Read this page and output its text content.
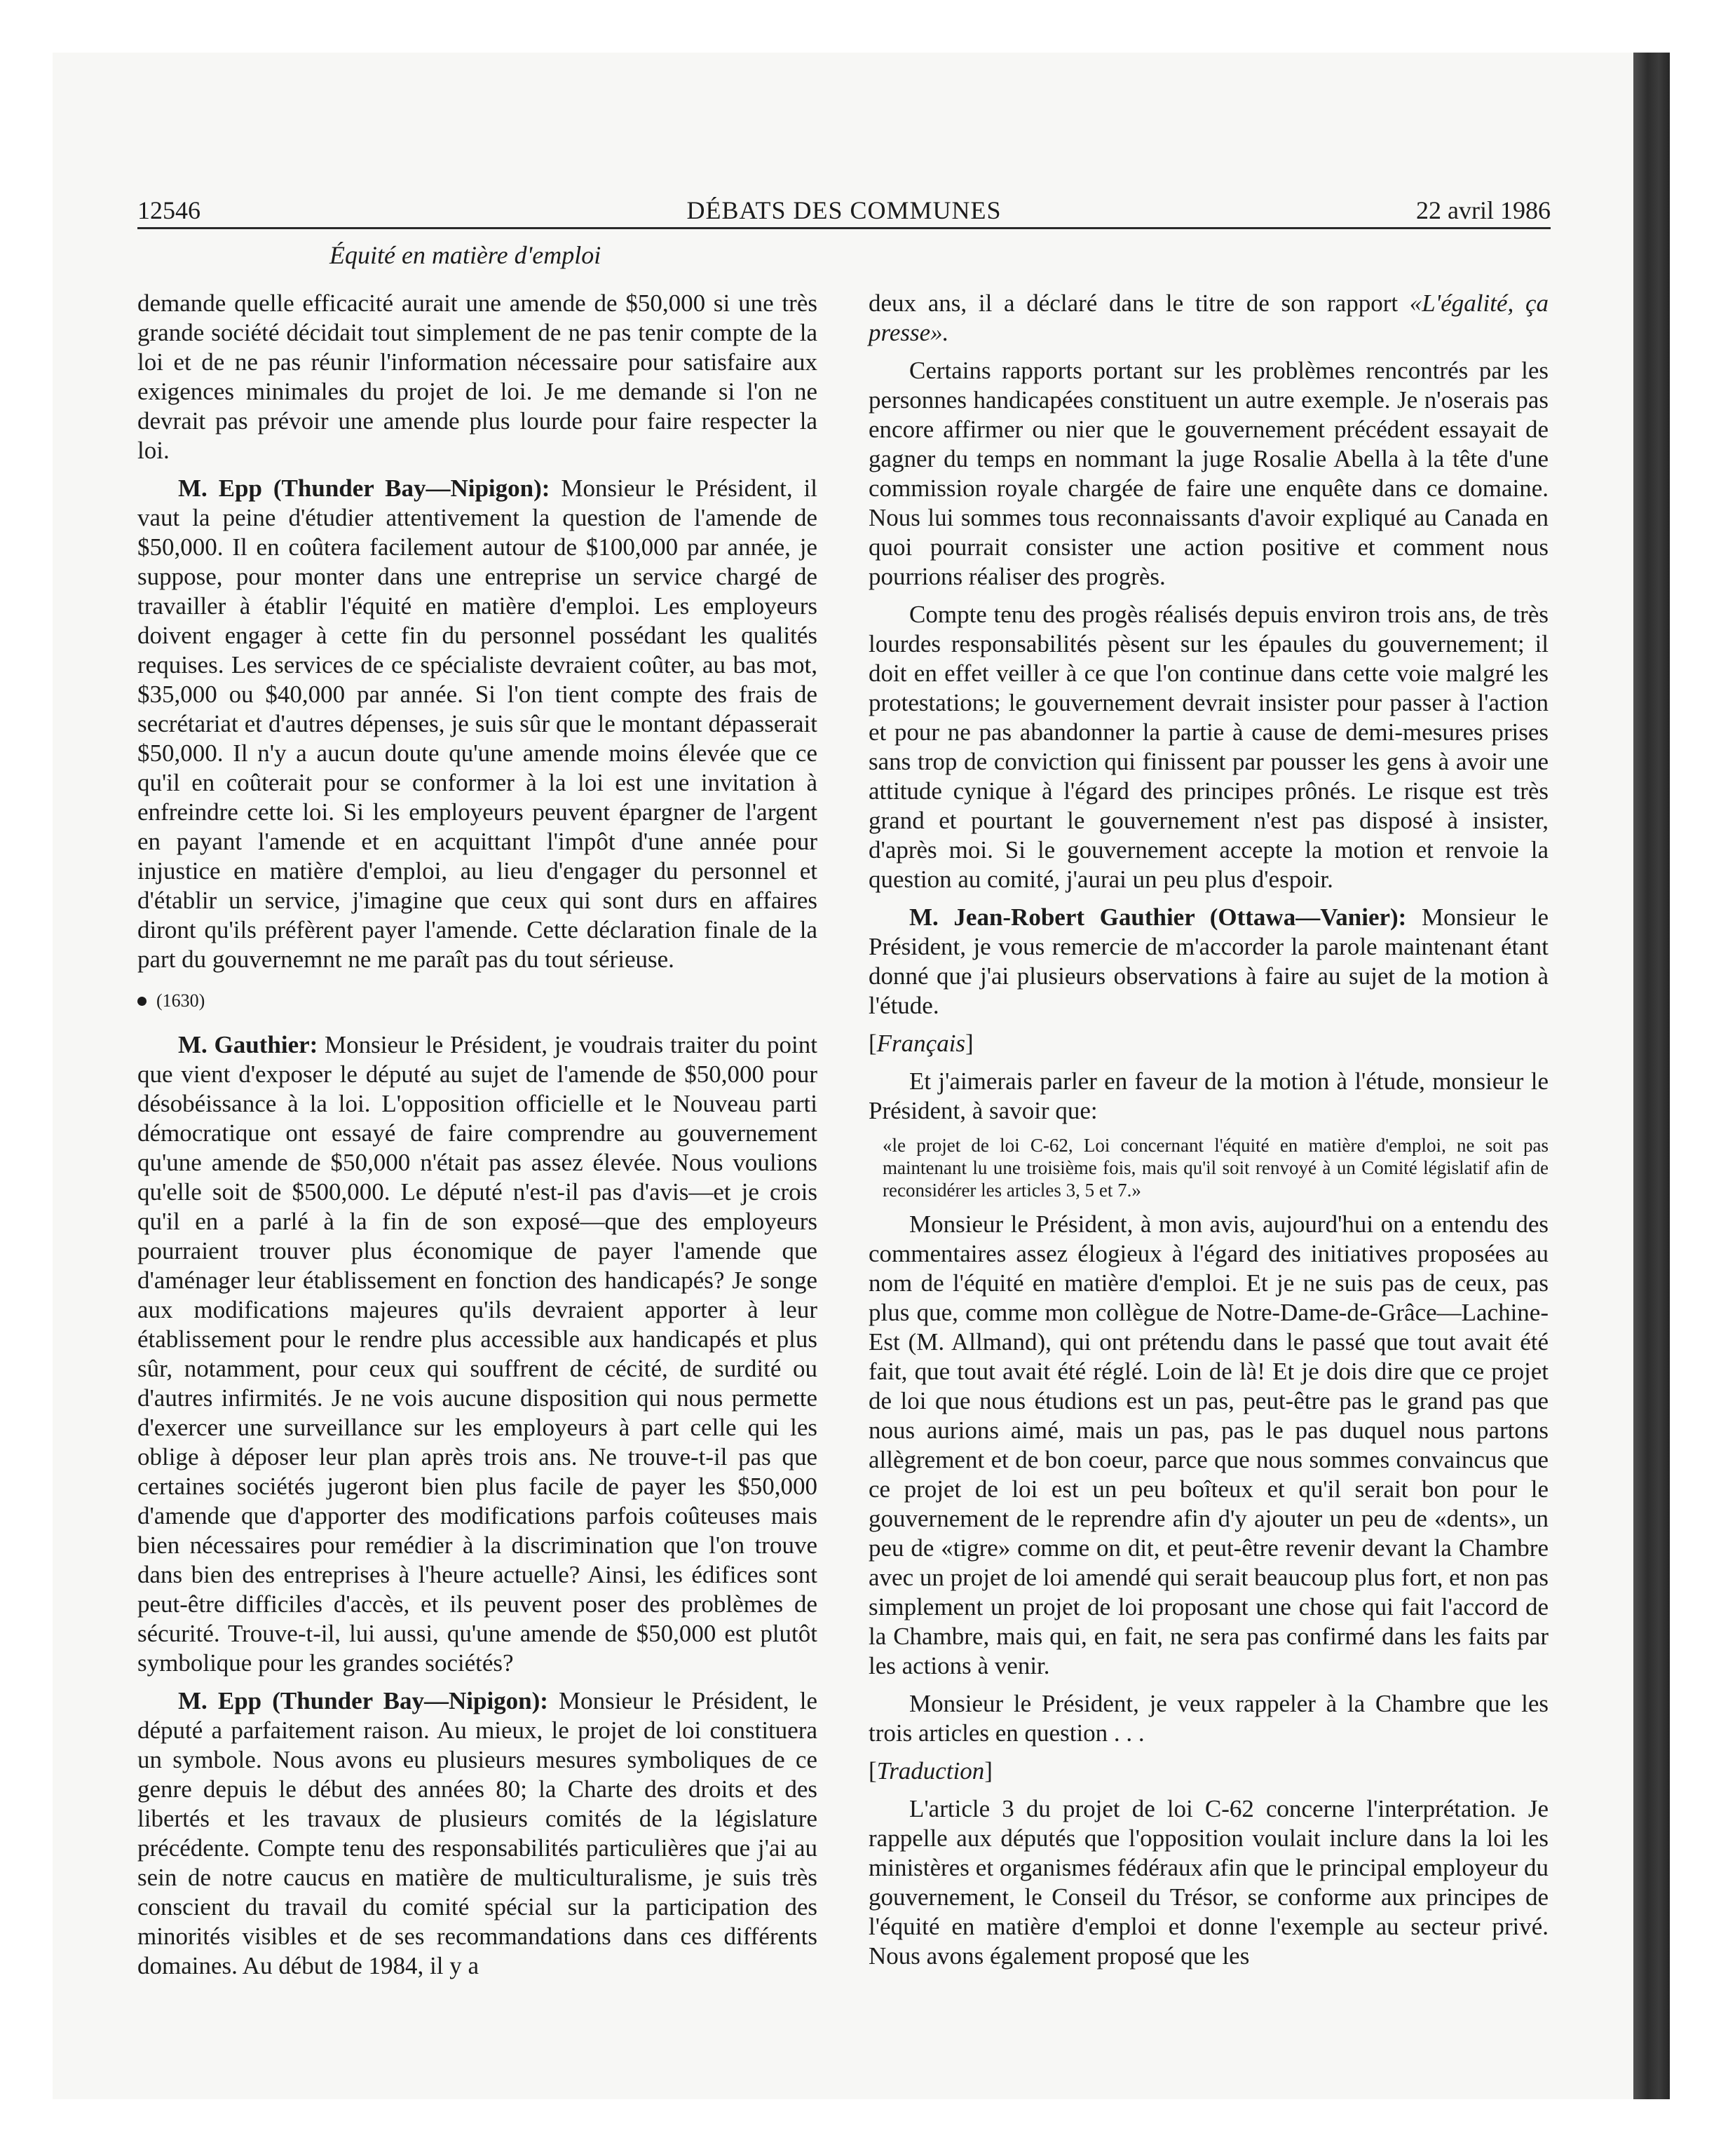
12546	DÉBATS DES COMMUNES	22 avril 1986
Équité en matière d'emploi

demande quelle efficacité aurait une amende de $50,000 si une très grande société décidait tout simplement de ne pas tenir compte de la loi et de ne pas réunir l'information nécessaire pour satisfaire aux exigences minimales du projet de loi. Je me demande si l'on ne devrait pas prévoir une amende plus lourde pour faire respecter la loi.

M. Epp (Thunder Bay—Nipigon): Monsieur le Président, il vaut la peine d'étudier attentivement la question de l'amende de $50,000. Il en coûtera facilement autour de $100,000 par année, je suppose, pour monter dans une entreprise un service chargé de travailler à établir l'équité en matière d'emploi. Les employeurs doivent engager à cette fin du personnel possédant les qualités requises. Les services de ce spécialiste devraient coûter, au bas mot, $35,000 ou $40,000 par année. Si l'on tient compte des frais de secrétariat et d'autres dépenses, je suis sûr que le montant dépasserait $50,000. Il n'y a aucun doute qu'une amende moins élevée que ce qu'il en coûterait pour se conformer à la loi est une invitation à enfreindre cette loi. Si les employeurs peuvent épargner de l'argent en payant l'amende et en acquittant l'impôt d'une année pour injustice en matière d'emploi, au lieu d'engager du personnel et d'établir un service, j'imagine que ceux qui sont durs en affaires diront qu'ils préfèrent payer l'amende. Cette déclaration finale de la part du gouvernemnt ne me paraît pas du tout sérieuse.

(1630)

M. Gauthier: Monsieur le Président, je voudrais traiter du point que vient d'exposer le député au sujet de l'amende de $50,000 pour désobéissance à la loi. L'opposition officielle et le Nouveau parti démocratique ont essayé de faire comprendre au gouvernement qu'une amende de $50,000 n'était pas assez élevée. Nous voulions qu'elle soit de $500,000. Le député n'est-il pas d'avis—et je crois qu'il en a parlé à la fin de son exposé—que des employeurs pourraient trouver plus économique de payer l'amende que d'aménager leur établissement en fonction des handicapés? Je songe aux modifications majeures qu'ils devraient apporter à leur établissement pour le rendre plus accessible aux handicapés et plus sûr, notamment, pour ceux qui souffrent de cécité, de surdité ou d'autres infirmités. Je ne vois aucune disposition qui nous permette d'exercer une surveillance sur les employeurs à part celle qui les oblige à déposer leur plan après trois ans. Ne trouve-t-il pas que certaines sociétés jugeront bien plus facile de payer les $50,000 d'amende que d'apporter des modifications parfois coûteuses mais bien nécessaires pour remédier à la discrimination que l'on trouve dans bien des entreprises à l'heure actuelle? Ainsi, les édifices sont peut-être difficiles d'accès, et ils peuvent poser des problèmes de sécurité. Trouve-t-il, lui aussi, qu'une amende de $50,000 est plutôt symbolique pour les grandes sociétés?

M. Epp (Thunder Bay—Nipigon): Monsieur le Président, le député a parfaitement raison. Au mieux, le projet de loi constituera un symbole. Nous avons eu plusieurs mesures symboliques de ce genre depuis le début des années 80; la Charte des droits et des libertés et les travaux de plusieurs comités de la législature précédente. Compte tenu des responsabilités particulières que j'ai au sein de notre caucus en matière de multiculturalisme, je suis très conscient du travail du comité spécial sur la participation des minorités visibles et de ses recommandations dans ces différents domaines. Au début de 1984, il y a

deux ans, il a déclaré dans le titre de son rapport «L'égalité, ça presse».

Certains rapports portant sur les problèmes rencontrés par les personnes handicapées constituent un autre exemple. Je n'oserais pas encore affirmer ou nier que le gouvernement précédent essayait de gagner du temps en nommant la juge Rosalie Abella à la tête d'une commission royale chargée de faire une enquête dans ce domaine. Nous lui sommes tous reconnaissants d'avoir expliqué au Canada en quoi pourrait consister une action positive et comment nous pourrions réaliser des progrès.

Compte tenu des progès réalisés depuis environ trois ans, de très lourdes responsabilités pèsent sur les épaules du gouvernement; il doit en effet veiller à ce que l'on continue dans cette voie malgré les protestations; le gouvernement devrait insister pour passer à l'action et pour ne pas abandonner la partie à cause de demi-mesures prises sans trop de conviction qui finissent par pousser les gens à avoir une attitude cynique à l'égard des principes prônés. Le risque est très grand et pourtant le gouvernement n'est pas disposé à insister, d'après moi. Si le gouvernement accepte la motion et renvoie la question au comité, j'aurai un peu plus d'espoir.

M. Jean-Robert Gauthier (Ottawa—Vanier): Monsieur le Président, je vous remercie de m'accorder la parole maintenant étant donné que j'ai plusieurs observations à faire au sujet de la motion à l'étude.

[Français]

Et j'aimerais parler en faveur de la motion à l'étude, monsieur le Président, à savoir que:

«le projet de loi C-62, Loi concernant l'équité en matière d'emploi, ne soit pas maintenant lu une troisième fois, mais qu'il soit renvoyé à un Comité législatif afin de reconsidérer les articles 3, 5 et 7.»

Monsieur le Président, à mon avis, aujourd'hui on a entendu des commentaires assez élogieux à l'égard des initiatives proposées au nom de l'équité en matière d'emploi. Et je ne suis pas de ceux, pas plus que, comme mon collègue de Notre-Dame-de-Grâce—Lachine-Est (M. Allmand), qui ont prétendu dans le passé que tout avait été fait, que tout avait été réglé. Loin de là! Et je dois dire que ce projet de loi que nous étudions est un pas, peut-être pas le grand pas que nous aurions aimé, mais un pas, pas le pas duquel nous partons allègrement et de bon coeur, parce que nous sommes convaincus que ce projet de loi est un peu boîteux et qu'il serait bon pour le gouvernement de le reprendre afin d'y ajouter un peu de «dents», un peu de «tigre» comme on dit, et peut-être revenir devant la Chambre avec un projet de loi amendé qui serait beaucoup plus fort, et non pas simplement un projet de loi proposant une chose qui fait l'accord de la Chambre, mais qui, en fait, ne sera pas confirmé dans les faits par les actions à venir.

Monsieur le Président, je veux rappeler à la Chambre que les trois articles en question . . .

[Traduction]

L'article 3 du projet de loi C-62 concerne l'interprétation. Je rappelle aux députés que l'opposition voulait inclure dans la loi les ministères et organismes fédéraux afin que le principal employeur du gouvernement, le Conseil du Trésor, se conforme aux principes de l'équité en matière d'emploi et donne l'exemple au secteur privé. Nous avons également proposé que les
